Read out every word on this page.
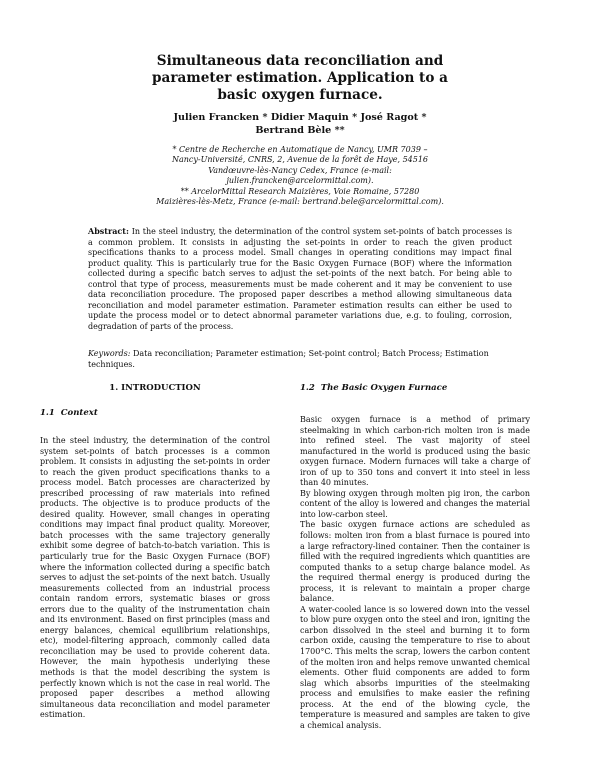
Simultaneous data reconciliation and
parameter estimation. Application to a
basic oxygen furnace.
Julien Francken * Didier Maquin * José Ragot *
Bertrand Bèle **
* Centre de Recherche en Automatique de Nancy, UMR 7039 –
Nancy-Université, CNRS, 2, Avenue de la forêt de Haye, 54516
Vandœuvre-lès-Nancy Cedex, France (e-mail:
julien.francken@arcelormittal.com).
** ArcelorMittal Research Maizières, Voie Romaine, 57280
Maizières-lès-Metz, France (e-mail: bertrand.bele@arcelormittal.com).

Abstract: In the steel industry, the determination of the control system set-points of batch processes is a common problem. It consists in adjusting the set-points in order to reach the given product specifications thanks to a process model. Small changes in operating conditions may impact final product quality. This is particularly true for the Basic Oxygen Furnace (BOF) where the information collected during a specific batch serves to adjust the set-points of the next batch. For being able to control that type of process, measurements must be made coherent and it may be convenient to use data reconciliation procedure. The proposed paper describes a method allowing simultaneous data reconciliation and model parameter estimation. Parameter estimation results can either be used to update the process model or to detect abnormal parameter variations due, e.g. to fouling, corrosion, degradation of parts of the process.

Keywords: Data reconciliation; Parameter estimation; Set-point control; Batch Process; Estimation techniques.

1. INTRODUCTION
1.1 Context

In the steel industry, the determination of the control system set-points of batch processes is a common problem. It consists in adjusting the set-points in order to reach the given product specifications thanks to a process model. Batch processes are characterized by prescribed processing of raw materials into refined products. The objective is to produce products of the desired quality. However, small changes in operating conditions may impact final product quality. Moreover, batch processes with the same trajectory generally exhibit some degree of batch-to-batch variation. This is particularly true for the Basic Oxygen Furnace (BOF) where the information collected during a specific batch serves to adjust the set-points of the next batch. Usually measurements collected from an industrial process contain random errors, systematic biases or gross errors due to the quality of the instrumentation chain and its environment. Based on first principles (mass and energy balances, chemical equilibrium relationships, etc), model-filtering approach, commonly called data reconciliation may be used to provide coherent data. However, the main hypothesis underlying these methods is that the model describing the system is perfectly known which is not the case in real world. The proposed paper describes a method allowing simultaneous data reconciliation and model parameter estimation.

1.2 The Basic Oxygen Furnace

Basic oxygen furnace is a method of primary steelmaking in which carbon-rich molten iron is made into refined steel. The vast majority of steel manufactured in the world is produced using the basic oxygen furnace. Modern furnaces will take a charge of iron of up to 350 tons and convert it into steel in less than 40 minutes.

By blowing oxygen through molten pig iron, the carbon content of the alloy is lowered and changes the material into low-carbon steel.

The basic oxygen furnace actions are scheduled as follows: molten iron from a blast furnace is poured into a large refractory-lined container. Then the container is filled with the required ingredients which quantities are computed thanks to a setup charge balance model. As the required thermal energy is produced during the process, it is relevant to maintain a proper charge balance.

A water-cooled lance is so lowered down into the vessel to blow pure oxygen onto the steel and iron, igniting the carbon dissolved in the steel and burning it to form carbon oxide, causing the temperature to rise to about 1700°C. This melts the scrap, lowers the carbon content of the molten iron and helps remove unwanted chemical elements. Other fluid components are added to form slag which absorbs impurities of the steelmaking process and emulsifies to make easier the refining process. At the end of the blowing cycle, the temperature is measured and samples are taken to give a chemical analysis.
